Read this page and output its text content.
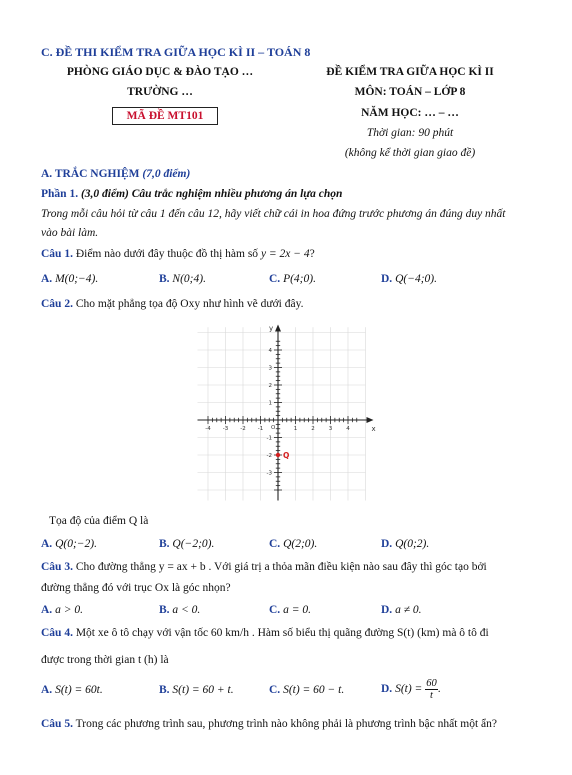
C. ĐỀ THI KIỂM TRA GIỮA HỌC KÌ II – TOÁN 8
PHÒNG GIÁO DỤC & ĐÀO TẠO …
TRƯỜNG …
MÃ ĐỀ MT101
ĐỀ KIỂM TRA GIỮA HỌC KÌ II
MÔN: TOÁN – LỚP 8
NĂM HỌC: … – …
Thời gian: 90 phút
(không kể thời gian giao đề)
A. TRẮC NGHIỆM (7,0 điểm)
Phần 1. (3,0 điểm) Câu trắc nghiệm nhiều phương án lựa chọn
Trong mỗi câu hỏi từ câu 1 đến câu 12, hãy viết chữ cái in hoa đứng trước phương án đúng duy nhất
vào bài làm.
Câu 1. Điểm nào dưới đây thuộc đồ thị hàm số y = 2x − 4?
A. M(0;−4).	B. N(0;4).	C. P(4;0).	D. Q(−4;0).
Câu 2. Cho mặt phẳng tọa độ Oxy như hình vẽ dưới đây.
x
y
O
-4 -3 -2 -1	1	2	3	4
4
3
2
1
-1
-2
-3
Q
Tọa độ của điểm Q là
A. Q(0;−2).	B. Q(−2;0).	C. Q(2;0).	D. Q(0;2).
Câu 3. Cho đường thẳng y = ax + b . Với giá trị a thỏa mãn điều kiện nào sau đây thì góc tạo bởi
đường thẳng đó với trục Ox là góc nhọn?
A. a > 0.	B. a < 0.	C. a = 0.	D. a ≠ 0.
Câu 4. Một xe ô tô chạy với vận tốc 60 km/h . Hàm số biểu thị quãng đường S(t) (km) mà ô tô đi
được trong thời gian t (h) là
A. S(t) = 60t.	B. S(t) = 60 + t.	C. S(t) = 60 − t.	D. $S(t) = \frac{60}{t}$ .
Câu 5. Trong các phương trình sau, phương trình nào không phải là phương trình bậc nhất một ẩn?
